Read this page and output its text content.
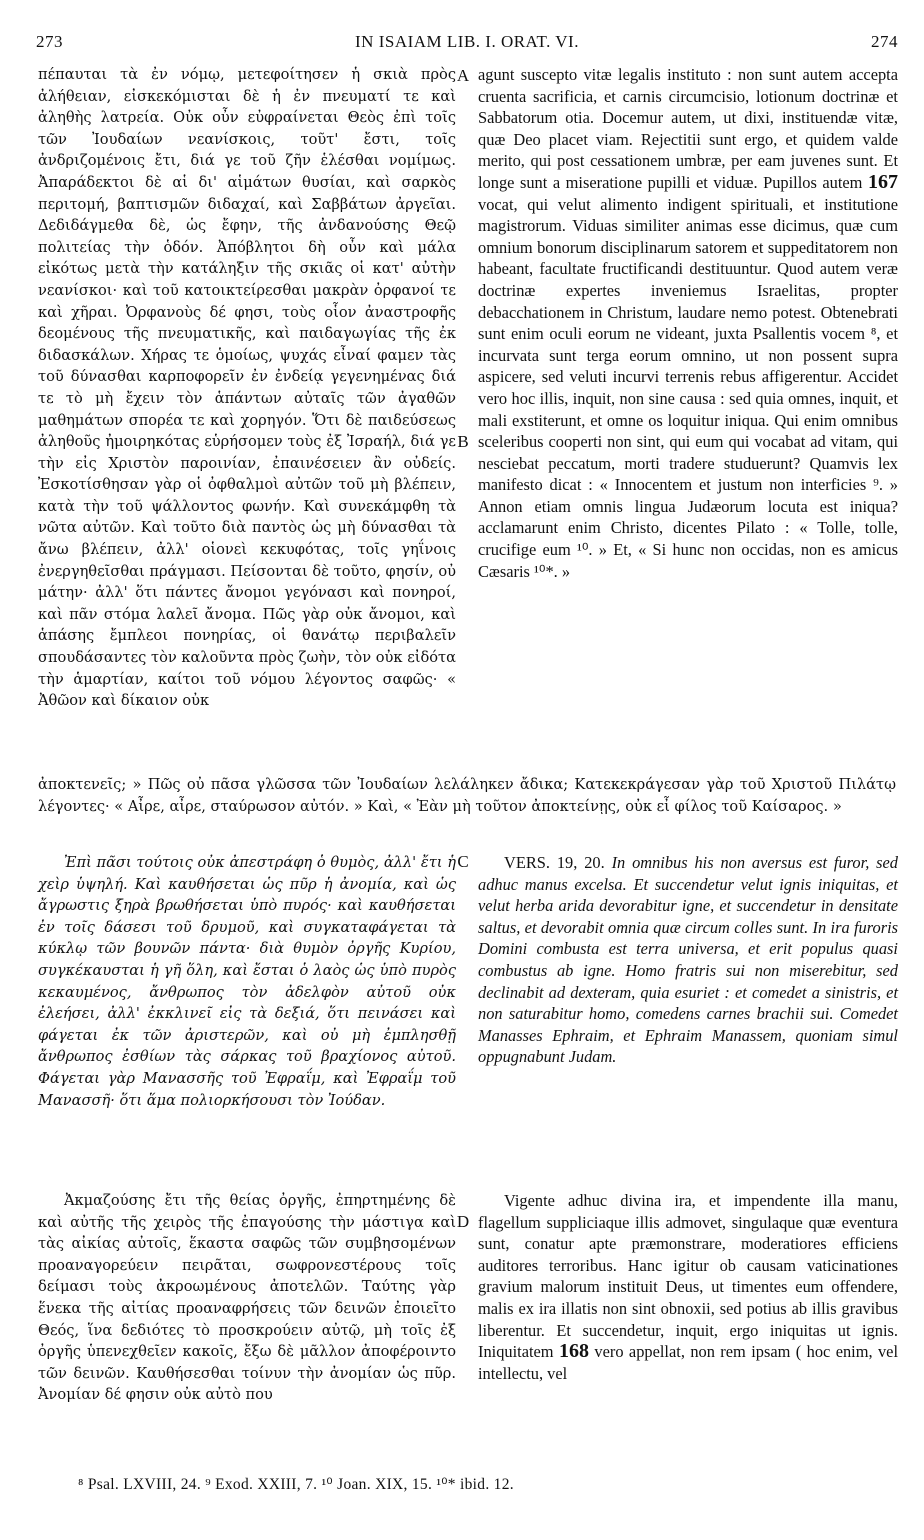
273	IN ISAIAM LIB. I. ORAT. VI.	274

πέπαυται τὰ ἐν νόμῳ, μετεφοίτησεν ἡ σκιὰ πρὸς ἀλήθειαν, εἰσκεκόμισται δὲ ἡ ἐν πνευματί τε καὶ ἀληθὴς λατρεία. Οὐκ οὖν εὐφραίνεται Θεὸς ἐπὶ τοῖς τῶν Ἰουδαίων νεανίσκοις, τοῦτ' ἔστι, τοῖς ἀνδριζομένοις ἔτι, διά γε τοῦ ζῆν ἑλέσθαι νομίμως. Ἀπαράδεκτοι δὲ αἱ δι' αἱμάτων θυσίαι, καὶ σαρκὸς περιτομή, βαπτισμῶν διδαχαί, καὶ Σαββάτων ἀργεῖαι. Δεδιδάγμεθα δὲ, ὡς ἔφην, τῆς ἀνδανούσης Θεῷ πολιτείας τὴν ὁδόν. Ἀπόβλητοι δὴ οὖν καὶ μάλα εἰκότως μετὰ τὴν κατάληξιν τῆς σκιᾶς οἱ κατ' αὐτὴν νεανίσκοι· καὶ τοῦ κατοικτείρεσθαι μακρὰν ὀρφανοί τε καὶ χῆραι. Ὀρφανοὺς δέ φησι, τοὺς οἷον ἀναστροφῆς δεομένους τῆς πνευματικῆς, καὶ παιδαγωγίας τῆς ἐκ διδασκάλων. Χήρας τε ὁμοίως, ψυχάς εἶναί φαμεν τὰς τοῦ δύνασθαι καρποφορεῖν ἐν ἐνδείᾳ γεγενημένας διά τε τὸ μὴ ἔχειν τὸν ἁπάντων αὐταῖς τῶν ἀγαθῶν μαθημάτων σπορέα τε καὶ χορηγόν. Ὅτι δὲ παιδεύσεως ἀληθοῦς ἠμοιρηκότας εὑρήσομεν τοὺς ἐξ Ἰσραήλ, διά γε τὴν εἰς Χριστὸν παροινίαν, ἐπαινέσειεν ἂν οὐδείς. Ἐσκοτίσθησαν γὰρ οἱ ὀφθαλμοὶ αὐτῶν τοῦ μὴ βλέπειν, κατὰ τὴν τοῦ ψάλλοντος φωνήν. Καὶ συνεκάμφθη τὰ νῶτα αὐτῶν. Καὶ τοῦτο διὰ παντὸς ὡς μὴ δύνασθαι τὰ ἄνω βλέπειν, ἀλλ' οἱονεὶ κεκυφότας, τοῖς γηΐνοις ἐνεργηθεῖσθαι πράγμασι. Πείσονται δὲ τοῦτο, φησίν, οὐ μάτην· ἀλλ' ὅτι πάντες ἄνομοι γεγόνασι καὶ πονηροί, καὶ πᾶν στόμα λαλεῖ ἄνομα. Πῶς γὰρ οὐκ ἄνομοι, καὶ ἁπάσης ἔμπλεοι πονηρίας, οἱ θανάτῳ περιβαλεῖν σπουδάσαντες τὸν καλοῦντα πρὸς ζωὴν, τὸν οὐκ εἰδότα τὴν ἁμαρτίαν, καίτοι τοῦ νόμου λέγοντος σαφῶς· « Ἀθῶον καὶ δίκαιον οὐκ

agunt suscepto vitæ legalis instituto : non sunt autem accepta cruenta sacrificia, et carnis circumcisio, lotionum doctrinæ et Sabbatorum otia. Docemur autem, ut dixi, instituendæ vitæ, quæ Deo placet viam. Rejectitii sunt ergo, et quidem valde merito, qui post cessationem umbræ, per eam juvenes sunt. Et longe sunt a miseratione pupilli et viduæ. Pupillos autem 167 vocat, qui velut alimento indigent spirituali, et institutione magistrorum. Viduas similiter animas esse dicimus, quæ cum omnium bonorum disciplinarum satorem et suppeditatorem non habeant, facultate fructificandi destituuntur. Quod autem veræ doctrinæ expertes inveniemus Israelitas, propter debacchationem in Christum, laudare nemo potest. Obtenebrati sunt enim oculi eorum ne videant, juxta Psallentis vocem ⁸, et incurvata sunt terga eorum omnino, ut non possent supra aspicere, sed veluti incurvi terrenis rebus affigerentur. Accidet vero hoc illis, inquit, non sine causa : sed quia omnes, inquit, et mali exstiterunt, et omne os loquitur iniqua. Qui enim omnibus sceleribus cooperti non sint, qui eum qui vocabat ad vitam, qui nesciebat peccatum, morti tradere studuerunt? Quamvis lex manifesto dicat : « Innocentem et justum non interficies ⁹. » Annon etiam omnis lingua Judæorum locuta est iniqua? acclamarunt enim Christo, dicentes Pilato : « Tolle, tolle, crucifige eum ¹⁰. » Et, « Si hunc non occidas, non es amicus Cæsaris ¹⁰*. »

A
B

ἀποκτενεῖς; » Πῶς οὐ πᾶσα γλῶσσα τῶν Ἰουδαίων λελάληκεν ἄδικα; Κατεκεκράγεσαν γὰρ τοῦ Χριστοῦ Πιλάτῳ λέγοντες· « Αἶρε, αἶρε, σταύρωσον αὐτόν. » Καὶ, « Ἐὰν μὴ τοῦτον ἀποκτείνῃς, οὐκ εἶ φίλος τοῦ Καίσαρος. »

Ἐπὶ πᾶσι τούτοις οὐκ ἀπεστράφη ὁ θυμὸς, ἀλλ' ἔτι ἡ χεὶρ ὑψηλή. Καὶ καυθήσεται ὡς πῦρ ἡ ἀνομία, καὶ ὡς ἄγρωστις ξηρὰ βρωθήσεται ὑπὸ πυρός· καὶ καυθήσεται ἐν τοῖς δάσεσι τοῦ δρυμοῦ, καὶ συγκαταφάγεται τὰ κύκλῳ τῶν βουνῶν πάντα· διὰ θυμὸν ὀργῆς Κυρίου, συγκέκαυσται ἡ γῆ ὅλη, καὶ ἔσται ὁ λαὸς ὡς ὑπὸ πυρὸς κεκαυμένος, ἄνθρωπος τὸν ἀδελφὸν αὐτοῦ οὐκ ἐλεήσει, ἀλλ' ἐκκλινεῖ εἰς τὰ δεξιά, ὅτι πεινάσει καὶ φάγεται ἐκ τῶν ἀριστερῶν, καὶ οὐ μὴ ἐμπλησθῇ ἄνθρωπος ἐσθίων τὰς σάρκας τοῦ βραχίονος αὐτοῦ. Φάγεται γὰρ Μανασσῆς τοῦ Ἐφραΐμ, καὶ Ἐφραΐμ τοῦ Μανασσῆ· ὅτι ἅμα πολιορκήσουσι τὸν Ἰούδαν.

VERS. 19, 20. In omnibus his non aversus est furor, sed adhuc manus excelsa. Et succendetur velut ignis iniquitas, et velut herba arida devorabitur igne, et succendetur in densitate saltus, et devorabit omnia quæ circum colles sunt. In ira furoris Domini combusta est terra universa, et erit populus quasi combustus ab igne. Homo fratris sui non miserebitur, sed declinabit ad dexteram, quia esuriet : et comedet a sinistris, et non saturabitur homo, comedens carnes brachii sui. Comedet Manasses Ephraim, et Ephraim Manassem, quoniam simul oppugnabunt Judam.

C

Ἀκμαζούσης ἔτι τῆς θείας ὀργῆς, ἐπηρτημένης δὲ καὶ αὐτῆς τῆς χειρὸς τῆς ἐπαγούσης τὴν μάστιγα καὶ τὰς αἰκίας αὐτοῖς, ἕκαστα σαφῶς τῶν συμβησομένων προαναγορεύειν πειρᾶται, σωφρονεστέρους τοῖς δείμασι τοὺς ἀκροωμένους ἀποτελῶν. Ταύτης γὰρ ἕνεκα τῆς αἰτίας προαναφρήσεις τῶν δεινῶν ἐποιεῖτο Θεός, ἵνα δεδιότες τὸ προσκρούειν αὐτῷ, μὴ τοῖς ἐξ ὀργῆς ὑπενεχθεῖεν κακοῖς, ἔξω δὲ μᾶλλον ἀποφέροιντο τῶν δεινῶν. Καυθήσεσθαι τοίνυν τὴν ἀνομίαν ὡς πῦρ. Ἀνομίαν δέ φησιν οὐκ αὐτὸ που

Vigente adhuc divina ira, et impendente illa manu, flagellum suppliciaque illis admovet, singulaque quæ eventura sunt, conatur apte præmonstrare, moderatiores efficiens auditores terroribus. Hanc igitur ob causam vaticinationes gravium malorum instituit Deus, ut timentes eum offendere, malis ex ira illatis non sint obnoxii, sed potius ab illis gravibus liberentur. Et succendetur, inquit, ergo iniquitas ut ignis. Iniquitatem 168 vero appellat, non rem ipsam ( hoc enim, vel intellectu, vel

D
⁸ Psal. LXVIII, 24. ⁹ Exod. XXIII, 7. ¹⁰ Joan. XIX, 15. ¹⁰* ibid. 12.
